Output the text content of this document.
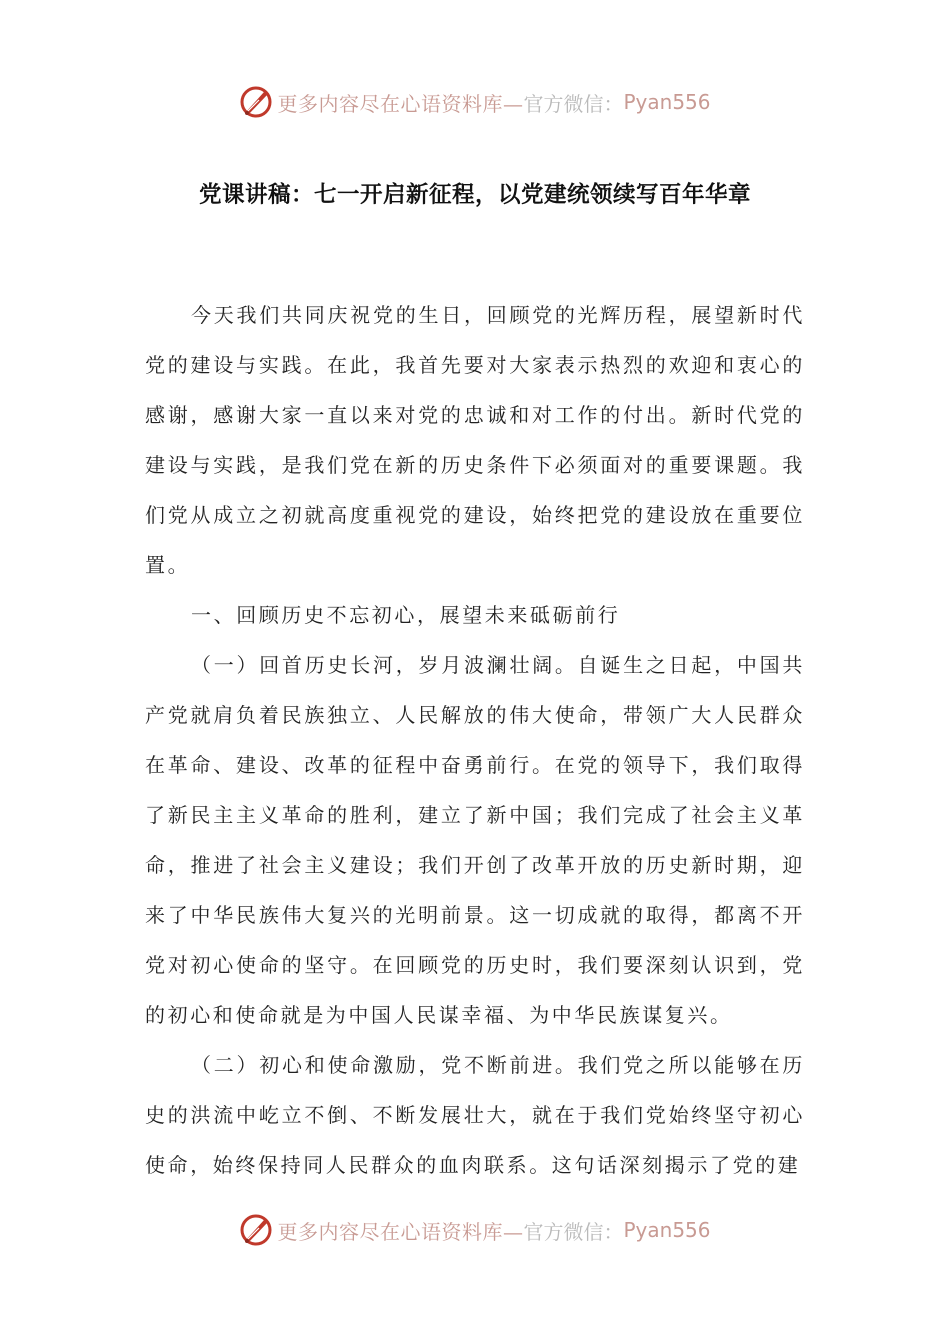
更多内容尽在心语资料库— 官方微信： Pyan556
党课讲稿：七一开启新征程，以党建统领续写百年华章

今天我们共同庆祝党的生日，回顾党的光辉历程，展望新时代党的建设与实践。在此，我首先要对大家表示热烈的欢迎和衷心的感谢，感谢大家一直以来对党的忠诚和对工作的付出。新时代党的建设与实践，是我们党在新的历史条件下必须面对的重要课题。我们党从成立之初就高度重视党的建设，始终把党的建设放在重要位置。

一、回顾历史不忘初心，展望未来砥砺前行

（一）回首历史长河，岁月波澜壮阔。自诞生之日起，中国共产党就肩负着民族独立、人民解放的伟大使命，带领广大人民群众在革命、建设、改革的征程中奋勇前行。在党的领导下，我们取得了新民主主义革命的胜利，建立了新中国；我们完成了社会主义革命，推进了社会主义建设；我们开创了改革开放的历史新时期，迎来了中华民族伟大复兴的光明前景。这一切成就的取得，都离不开党对初心使命的坚守。在回顾党的历史时，我们要深刻认识到，党的初心和使命就是为中国人民谋幸福、为中华民族谋复兴。

（二）初心和使命激励，党不断前进。我们党之所以能够在历史的洪流中屹立不倒、不断发展壮大，就在于我们党始终坚守初心使命，始终保持同人民群众的血肉联系。这句话深刻揭示了党的建

更多内容尽在心语资料库— 官方微信： Pyan556
